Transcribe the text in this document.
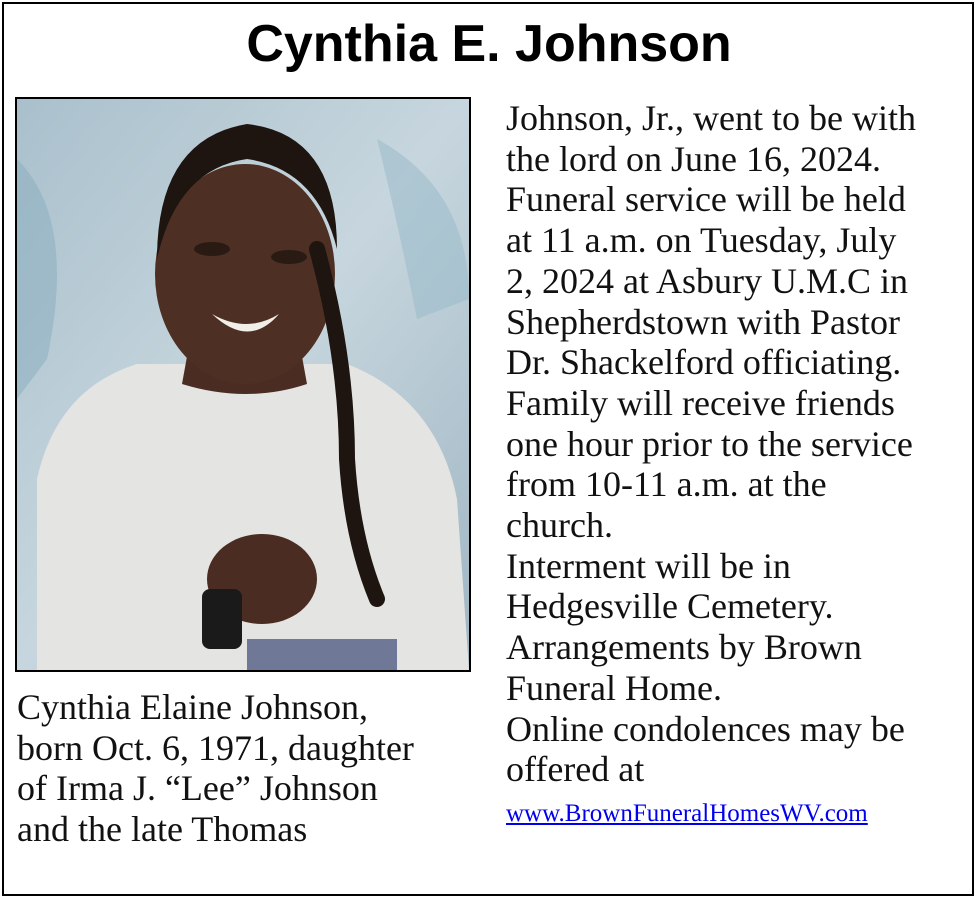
Cynthia E. Johnson
Cynthia Elaine Johnson,
born Oct. 6, 1971, daughter
of Irma J. “Lee” Johnson
and the late Thomas
Johnson, Jr., went to be with
the lord on June 16, 2024.
Funeral service will be held
at 11 a.m. on Tuesday, July
2, 2024 at Asbury U.M.C in
Shepherdstown with Pastor
Dr. Shackelford officiating.
Family will receive friends
one hour prior to the service
from 10-11 a.m. at the
church.
Interment will be in
Hedgesville Cemetery.
Arrangements by Brown
Funeral Home.
Online condolences may be
offered at
www.BrownFuneralHomesWV.com
